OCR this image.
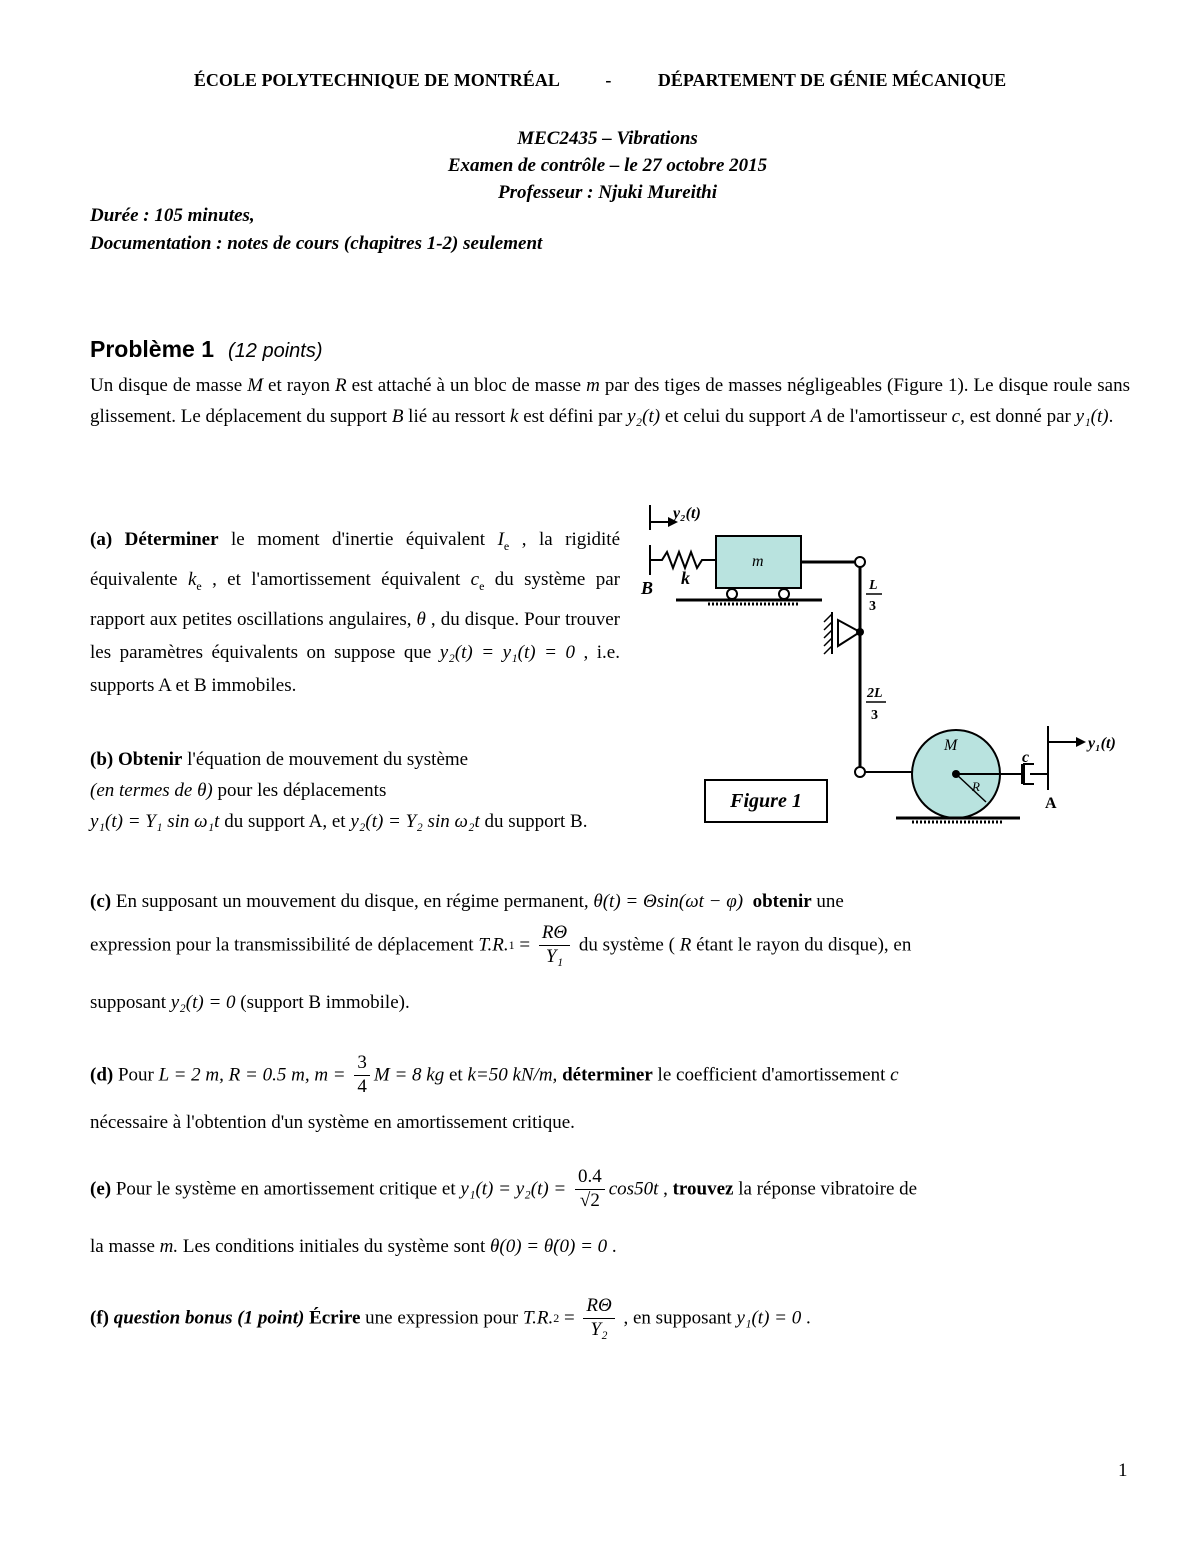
ÉCOLE POLYTECHNIQUE DE MONTRÉAL	-	DÉPARTEMENT DE GÉNIE MÉCANIQUE
MEC2435 – Vibrations
Examen de contrôle – le 27 octobre 2015
Professeur : Njuki Mureithi
Durée : 105 minutes,
Documentation : notes de cours (chapitres 1-2) seulement
Problème 1 (12 points)
Un disque de masse M et rayon R est attaché à un bloc de masse m par des tiges de masses négligeables (Figure 1). Le disque roule sans glissement. Le déplacement du support B lié au ressort k est défini par y₂(t) et celui du support A de l'amortisseur c, est donné par y₁(t).
(a) Déterminer le moment d'inertie équivalent $I_e$ , la rigidité équivalente $k_e$ , et l'amortissement équivalent $c_e$ du système par rapport aux petites oscillations angulaires, θ , du disque. Pour trouver les paramètres équivalents on suppose que y₂(t) = y₁(t) = 0 , i.e. supports A et B immobiles.
(b) Obtenir l'équation de mouvement du système
(en termes de θ) pour les déplacements
y₁(t) = Y₁ sin ω₁t du support A, et y₂(t) = Y₂ sin ω₂t du support B.
(c) En supposant un mouvement du disque, en régime permanent, θ(t) = Θsin(ωt − φ) obtenir une
expression pour la transmissibilité de déplacement $T.R.1 = \frac{R\Theta}{\text{Y₁}}$ du système ( R étant le rayon du disque), en
supposant y₂(t) = 0 (support B immobile).
(d) Pour L = 2 m, R = 0.5 m, $m = \frac{3}{4}$ M = 8 kg et k=50 kN/m, déterminer le coefficient d'amortissement c
nécessaire à l'obtention d'un système en amortissement critique.
(e) Pour le système en amortissement critique et $y_1(t) = y_2(t) = \frac{0.4}{√2} \cos 50t$ , trouvez la réponse vibratoire de
la masse m. Les conditions initiales du système sont θ(0) = θ̇(0) = 0 .
(f) question bonus (1 point) Écrire une expression pour $T.R.2 = \frac{R\Theta}{\text{Y₂}}$ , en supposant y₁(t) = 0 .
y₂(t)
B k
m
L
3
2L
3
M
R
c
A
y₁(t)
Figure 1
1
